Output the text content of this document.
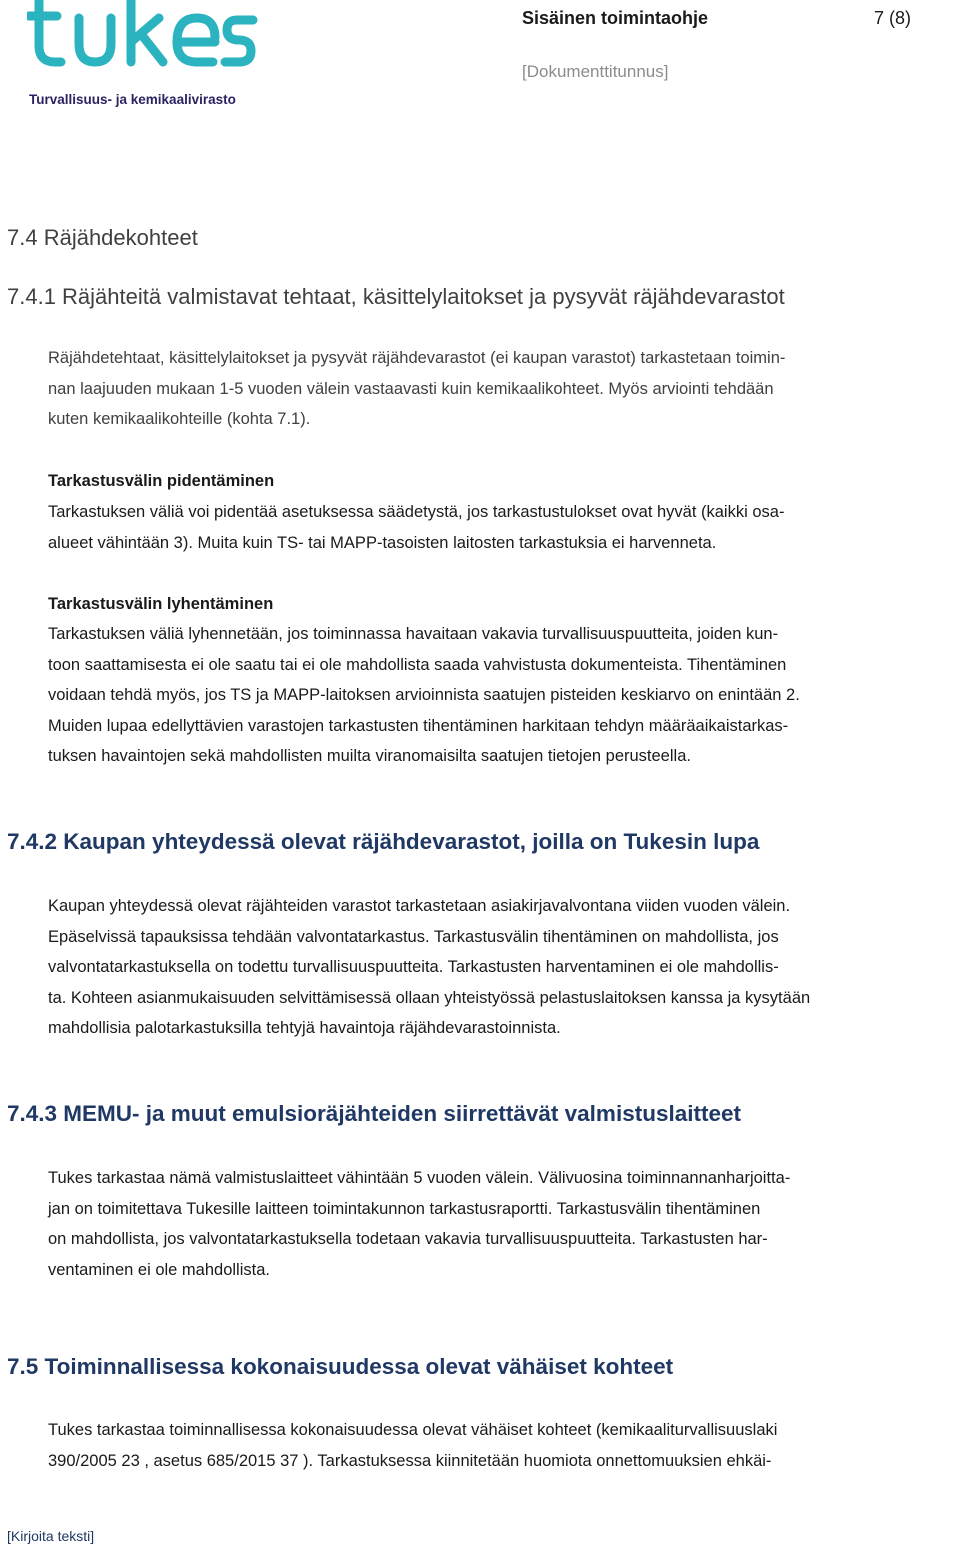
Turvallisuus- ja kemikaalivirasto
Sisäinen toimintaohje	7 (8)
[Dokumenttitunnus]
7.4 Räjähdekohteet
7.4.1 Räjähteitä valmistavat tehtaat, käsittelylaitokset ja pysyvät räjähdevarastot
Räjähdetehtaat, käsittelylaitokset ja pysyvät räjähdevarastot (ei kaupan varastot) tarkastetaan toimin-
nan laajuuden mukaan 1-5 vuoden välein vastaavasti kuin kemikaalikohteet. Myös arviointi tehdään
kuten kemikaalikohteille (kohta 7.1).
Tarkastusvälin pidentäminen
Tarkastuksen väliä voi pidentää asetuksessa säädetystä, jos tarkastustulokset ovat hyvät (kaikki osa-
alueet vähintään 3). Muita kuin TS- tai MAPP-tasoisten laitosten tarkastuksia ei harvenneta.
Tarkastusvälin lyhentäminen
Tarkastuksen väliä lyhennetään, jos toiminnassa havaitaan vakavia turvallisuuspuutteita, joiden kun-
toon saattamisesta ei ole saatu tai ei ole mahdollista saada vahvistusta dokumenteista. Tihentäminen
voidaan tehdä myös, jos TS ja MAPP-laitoksen arvioinnista saatujen pisteiden keskiarvo on enintään 2.
Muiden lupaa edellyttävien varastojen tarkastusten tihentäminen harkitaan tehdyn määräaikaistarkas-
tuksen havaintojen sekä mahdollisten muilta viranomaisilta saatujen tietojen perusteella.
7.4.2 Kaupan yhteydessä olevat räjähdevarastot, joilla on Tukesin lupa
Kaupan yhteydessä olevat räjähteiden varastot tarkastetaan asiakirjavalvontana viiden vuoden välein.
Epäselvissä tapauksissa tehdään valvontatarkastus. Tarkastusvälin tihentäminen on mahdollista, jos
valvontatarkastuksella on todettu turvallisuuspuutteita. Tarkastusten harventaminen ei ole mahdollis-
ta. Kohteen asianmukaisuuden selvittämisessä ollaan yhteistyössä pelastuslaitoksen kanssa ja kysytään
mahdollisia palotarkastuksilla tehtyjä havaintoja räjähdevarastoinnista.
7.4.3 MEMU- ja muut emulsioräjähteiden siirrettävät valmistuslaitteet
Tukes tarkastaa nämä valmistuslaitteet vähintään 5 vuoden välein. Välivuosina toiminnannanharjoitta-
jan on toimitettava Tukesille laitteen toimintakunnon tarkastusraportti. Tarkastusvälin tihentäminen
on mahdollista, jos valvontatarkastuksella todetaan vakavia turvallisuuspuutteita. Tarkastusten har-
ventaminen ei ole mahdollista.
7.5 Toiminnallisessa kokonaisuudessa olevat vähäiset kohteet
Tukes tarkastaa toiminnallisessa kokonaisuudessa olevat vähäiset kohteet (kemikaaliturvallisuuslaki
390/2005 23 , asetus 685/2015 37 ). Tarkastuksessa kiinnitetään huomiota onnettomuuksien ehkäi-
[Kirjoita teksti]
